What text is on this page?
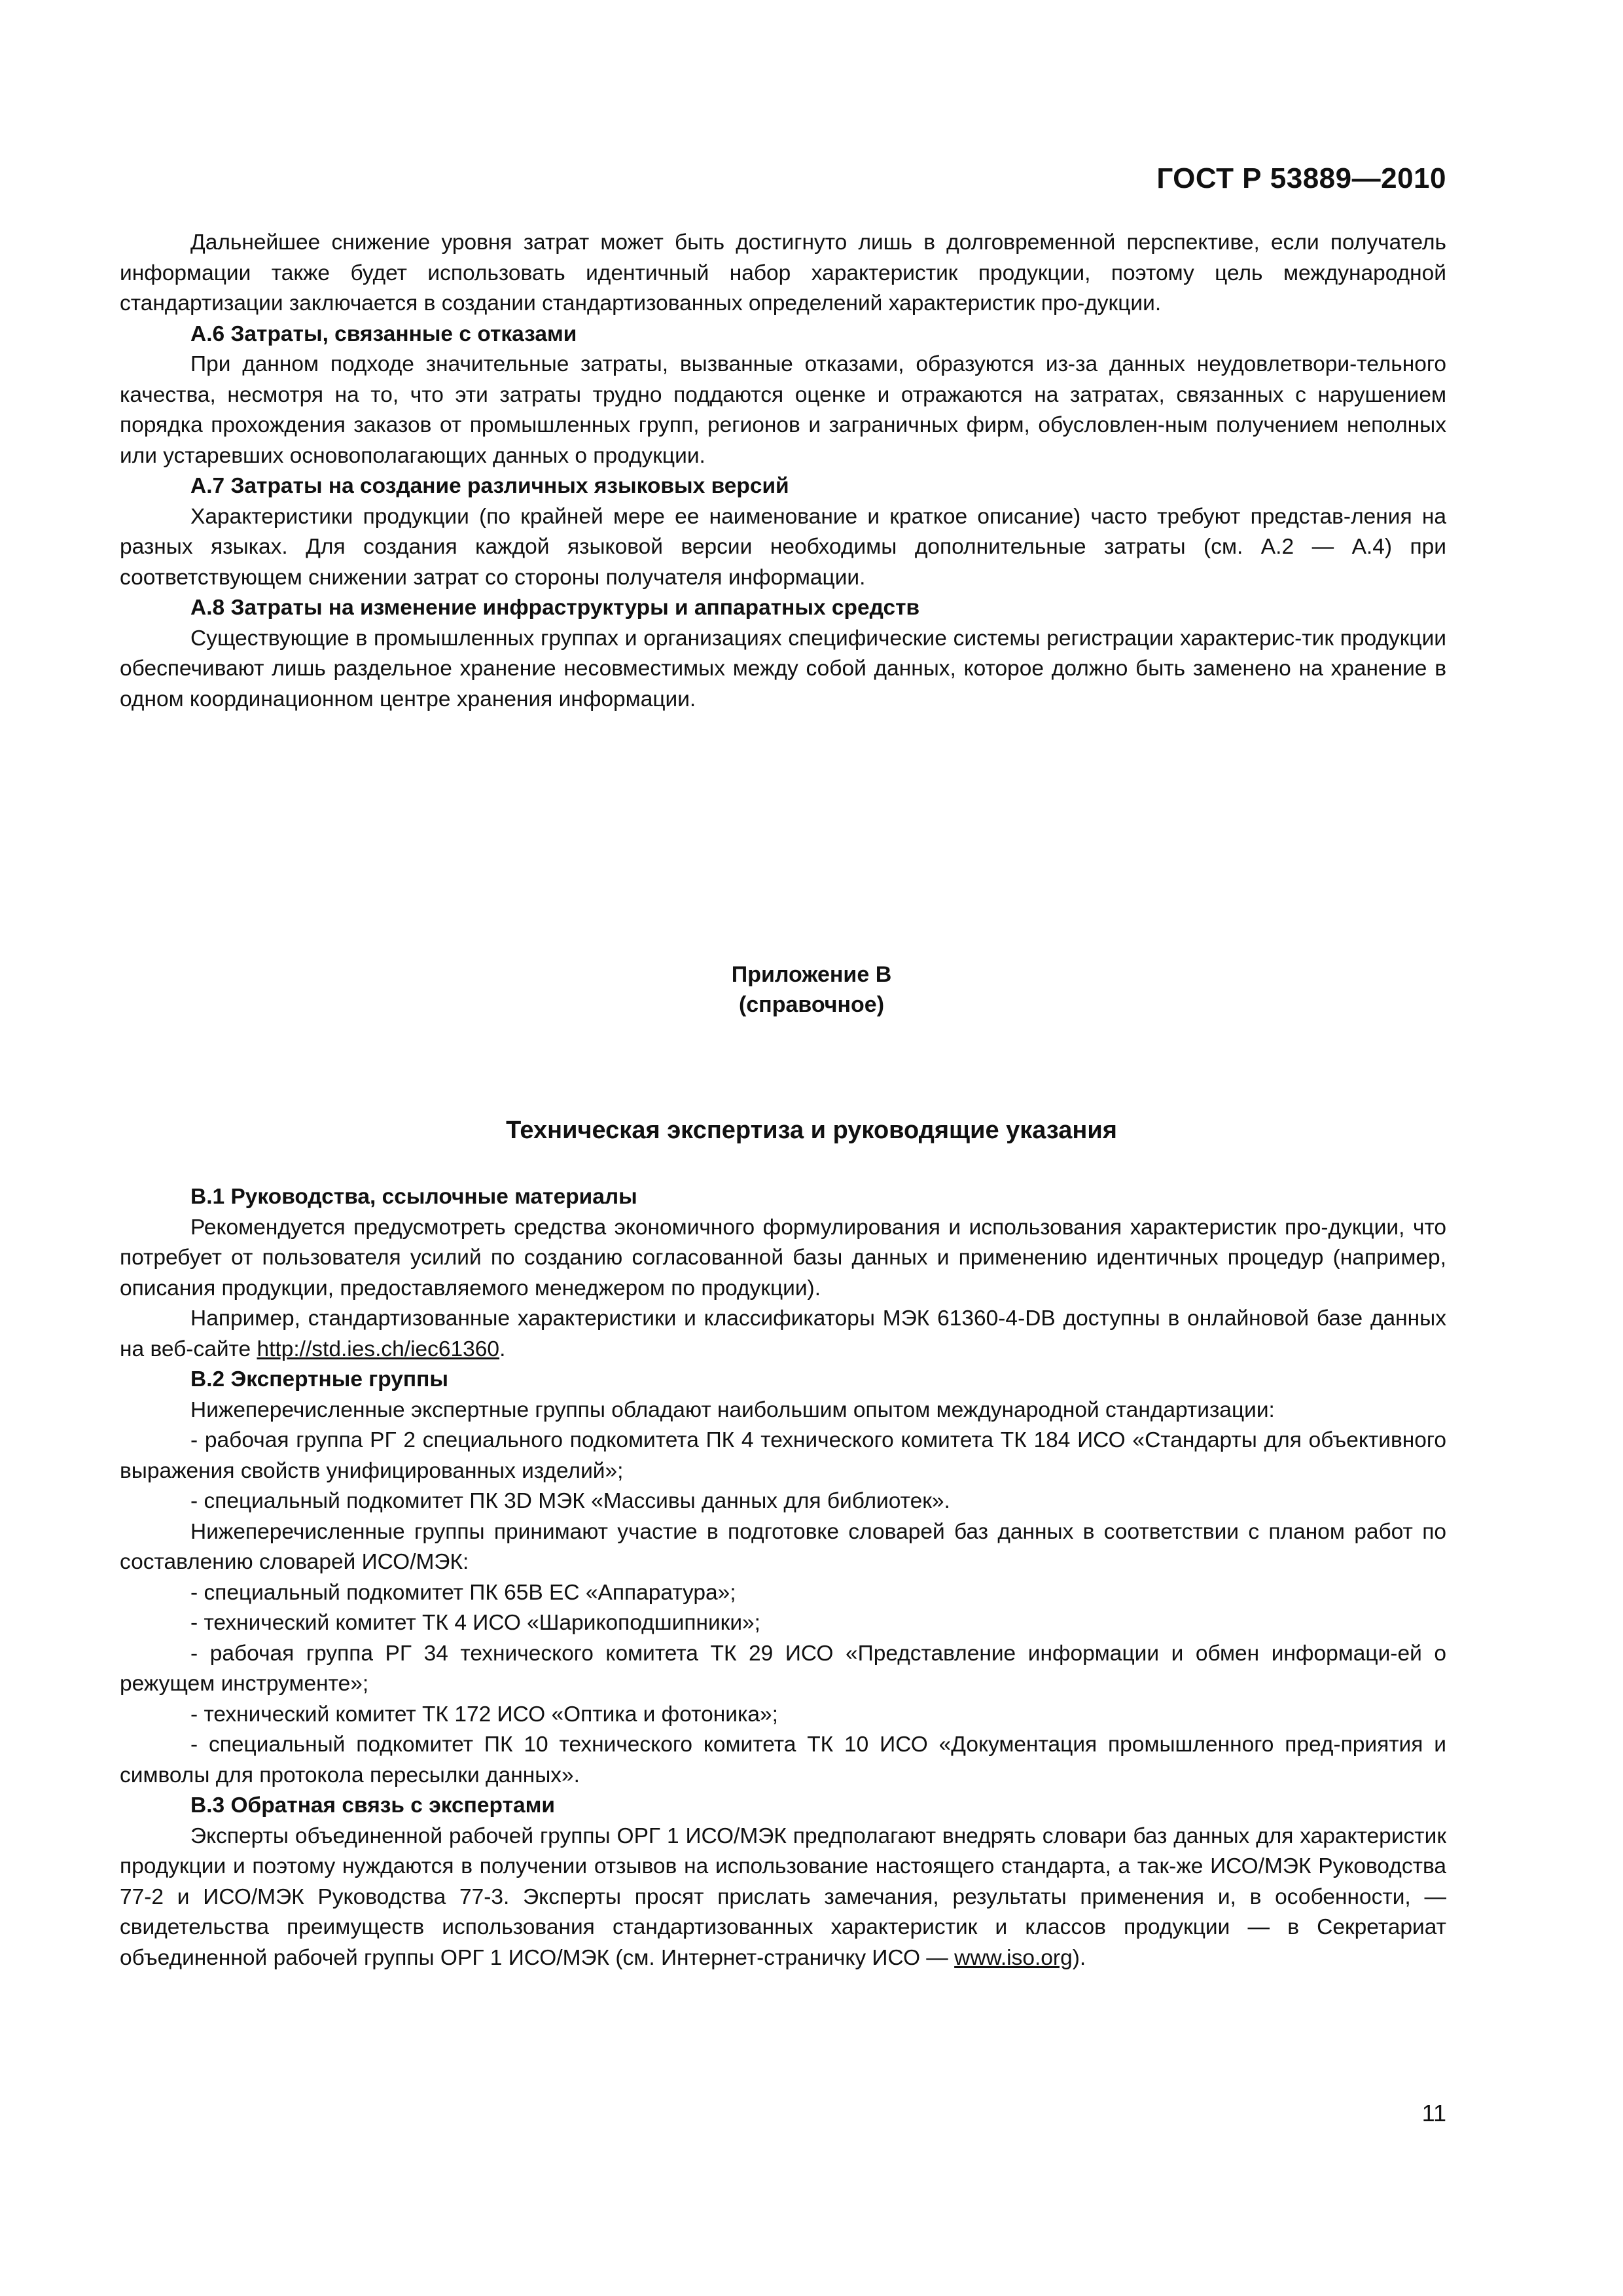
ГОСТ Р 53889—2010

Дальнейшее снижение уровня затрат может быть достигнуто лишь в долговременной перспективе, если получатель информации также будет использовать идентичный набор характеристик продукции, поэтому цель международной стандартизации заключается в создании стандартизованных определений характеристик про-дукции.

А.6 Затраты, связанные с отказами

При данном подходе значительные затраты, вызванные отказами, образуются из-за данных неудовлетвори-тельного качества, несмотря на то, что эти затраты трудно поддаются оценке и отражаются на затратах, связанных с нарушением порядка прохождения заказов от промышленных групп, регионов и заграничных фирм, обусловлен-ным получением неполных или устаревших основополагающих данных о продукции.

А.7 Затраты на создание различных языковых версий

Характеристики продукции (по крайней мере ее наименование и краткое описание) часто требуют представ-ления на разных языках. Для создания каждой языковой версии необходимы дополнительные затраты (см. А.2 — А.4) при соответствующем снижении затрат со стороны получателя информации.

А.8 Затраты на изменение инфраструктуры и аппаратных средств

Существующие в промышленных группах и организациях специфические системы регистрации характерис-тик продукции обеспечивают лишь раздельное хранение несовместимых между собой данных, которое должно быть заменено на хранение в одном координационном центре хранения информации.

Приложение В
(справочное)
Техническая экспертиза и руководящие указания

В.1 Руководства, ссылочные материалы

Рекомендуется предусмотреть средства экономичного формулирования и использования характеристик про-дукции, что потребует от пользователя усилий по созданию согласованной базы данных и применению идентичных процедур (например, описания продукции, предоставляемого менеджером по продукции).

Например, стандартизованные характеристики и классификаторы МЭК 61360-4-DB доступны в онлайновой базе данных на веб-сайте http://std.ies.ch/iec61360.

В.2 Экспертные группы

Нижеперечисленные экспертные группы обладают наибольшим опытом международной стандартизации:

- рабочая группа РГ 2 специального подкомитета ПК 4 технического комитета ТК 184 ИСО «Стандарты для объективного выражения свойств унифицированных изделий»;

- специальный подкомитет ПК 3D МЭК «Массивы данных для библиотек».

Нижеперечисленные группы принимают участие в подготовке словарей баз данных в соответствии с планом работ по составлению словарей ИСО/МЭК:

- специальный подкомитет ПК 65В ЕС «Аппаратура»;

- технический комитет ТК 4 ИСО «Шарикоподшипники»;

- рабочая группа РГ 34 технического комитета ТК 29 ИСО «Представление информации и обмен информаци-ей о режущем инструменте»;

- технический комитет ТК 172 ИСО «Оптика и фотоника»;

- специальный подкомитет ПК 10 технического комитета ТК 10 ИСО «Документация промышленного пред-приятия и символы для протокола пересылки данных».

В.3 Обратная связь с экспертами

Эксперты объединенной рабочей группы ОРГ 1 ИСО/МЭК предполагают внедрять словари баз данных для характеристик продукции и поэтому нуждаются в получении отзывов на использование настоящего стандарта, а так-же ИСО/МЭК Руководства 77-2 и ИСО/МЭК Руководства 77-3. Эксперты просят прислать замечания, результаты применения и, в особенности, — свидетельства преимуществ использования стандартизованных характеристик и классов продукции — в Секретариат объединенной рабочей группы ОРГ 1 ИСО/МЭК (см. Интернет-страничку ИСО — www.iso.org).

11
